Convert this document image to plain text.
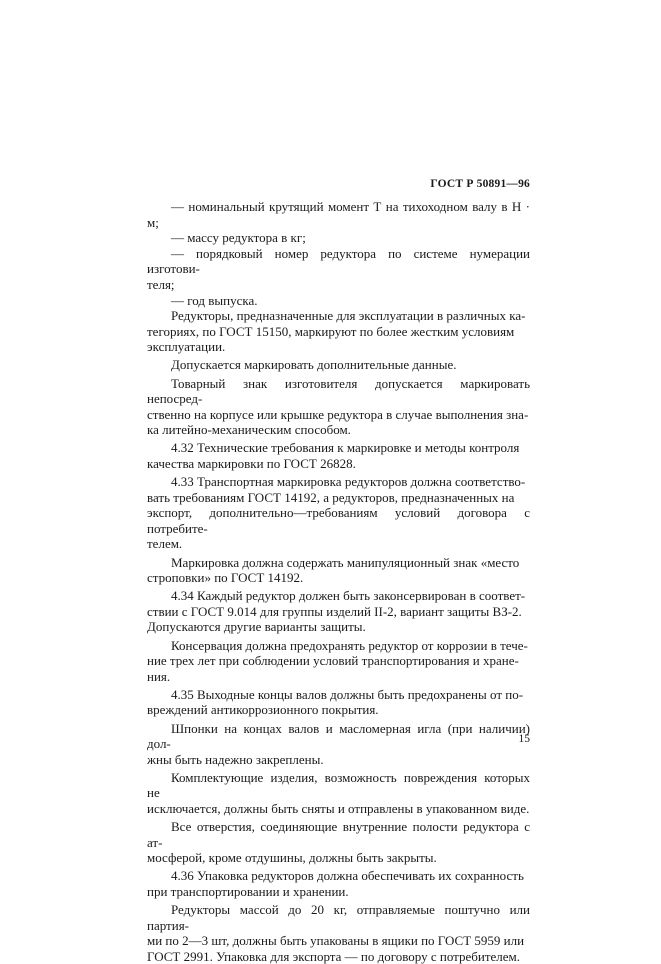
ГОСТ Р 50891—96

— номинальный крутящий момент Т на тихоходном валу в Н · м;

— массу редуктора в кг;

— порядковый номер редуктора по системе нумерации изготови-
теля;

— год выпуска.

Редукторы, предназначенные для эксплуатации в различных ка-
тегориях, по ГОСТ 15150, маркируют по более жестким условиям
эксплуатации.

Допускается маркировать дополнительные данные.

Товарный знак изготовителя допускается маркировать непосред-
ственно на корпусе или крышке редуктора в случае выполнения зна-
ка литейно-механическим способом.

4.32 Технические требования к маркировке и методы контроля
качества маркировки по ГОСТ 26828.

4.33 Транспортная маркировка редукторов должна соответство-
вать требованиям ГОСТ 14192, а редукторов, предназначенных на
экспорт, дополнительно—требованиям условий договора с потребите-
телем.

Маркировка должна содержать манипуляционный знак «место
строповки» по ГОСТ 14192.

4.34 Каждый редуктор должен быть законсервирован в соответ-
ствии с ГОСТ 9.014 для группы изделий II-2, вариант защиты ВЗ-2.
Допускаются другие варианты защиты.

Консервация должна предохранять редуктор от коррозии в тече-
ние трех лет при соблюдении условий транспортирования и хране-
ния.

4.35 Выходные концы валов должны быть предохранены от по-
вреждений антикоррозионного покрытия.

Шпонки на концах валов и масломерная игла (при наличии) дол-
жны быть надежно закреплены.

Комплектующие изделия, возможность повреждения которых не
исключается, должны быть сняты и отправлены в упакованном виде.

Все отверстия, соединяющие внутренние полости редуктора с ат-
мосферой, кроме отдушины, должны быть закрыты.

4.36 Упаковка редукторов должна обеспечивать их сохранность
при транспортировании и хранении.

Редукторы массой до 20 кг, отправляемые поштучно или партия-
ми по 2—3 шт, должны быть упакованы в ящики по ГОСТ 5959 или
ГОСТ 2991. Упаковка для экспорта — по договору с потребителем.

15
